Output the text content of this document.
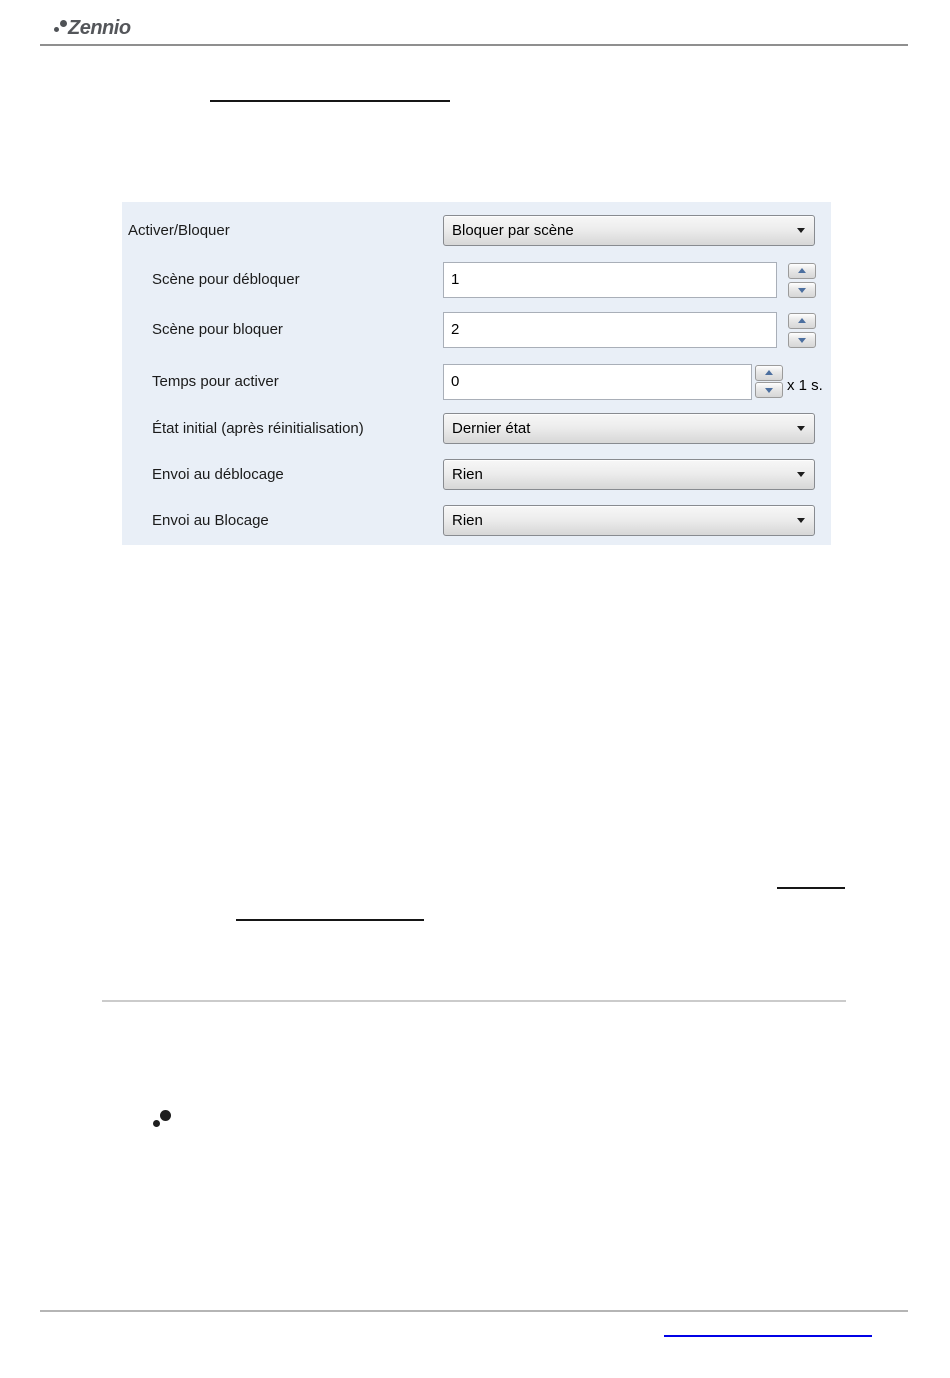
Zennio
Activer/Bloquer	Bloquer par scène
Scène pour débloquer	1
Scène pour bloquer	2
Temps pour activer	0	x 1 s.
État initial (après réinitialisation)	Dernier état
Envoi au déblocage	Rien
Envoi au Blocage	Rien
